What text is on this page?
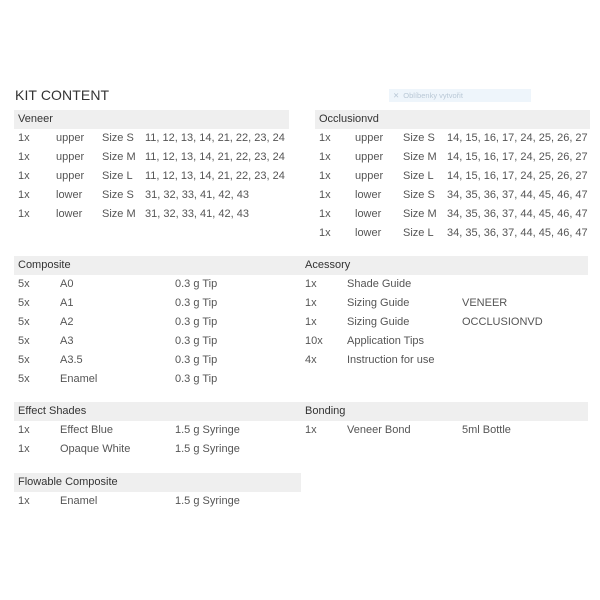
KIT CONTENT	✕ Oblíbenky vytvořit
Veneer
1x upper Size S 11, 12, 13, 14, 21, 22, 23, 24
1x upper Size M 11, 12, 13, 14, 21, 22, 23, 24
1x upper Size L 11, 12, 13, 14, 21, 22, 23, 24
1x lower Size S 31, 32, 33, 41, 42, 43
1x lower Size M 31, 32, 33, 41, 42, 43
Occlusionvd
1x upper Size S 14, 15, 16, 17, 24, 25, 26, 27
1x upper Size M 14, 15, 16, 17, 24, 25, 26, 27
1x upper Size L 14, 15, 16, 17, 24, 25, 26, 27
1x lower Size S 34, 35, 36, 37, 44, 45, 46, 47
1x lower Size M 34, 35, 36, 37, 44, 45, 46, 47
1x lower Size L 34, 35, 36, 37, 44, 45, 46, 47
Composite
5x	A0	0.3 g Tip
5x	A1	0.3 g Tip
5x	A2	0.3 g Tip
5x	A3	0.3 g Tip
5x	A3.5	0.3 g Tip
5x	Enamel	0.3 g Tip
Acessory
1x	Shade Guide
1x	Sizing Guide	VENEER
1x	Sizing Guide	OCCLUSIONVD
10x Application Tips
4x	Instruction for use
Effect Shades
1x	Effect Blue	1.5 g Syringe
1x	Opaque White	1.5 g Syringe
Bonding
1x	Veneer Bond	5ml Bottle
Flowable Composite
1x	Enamel	1.5 g Syringe
